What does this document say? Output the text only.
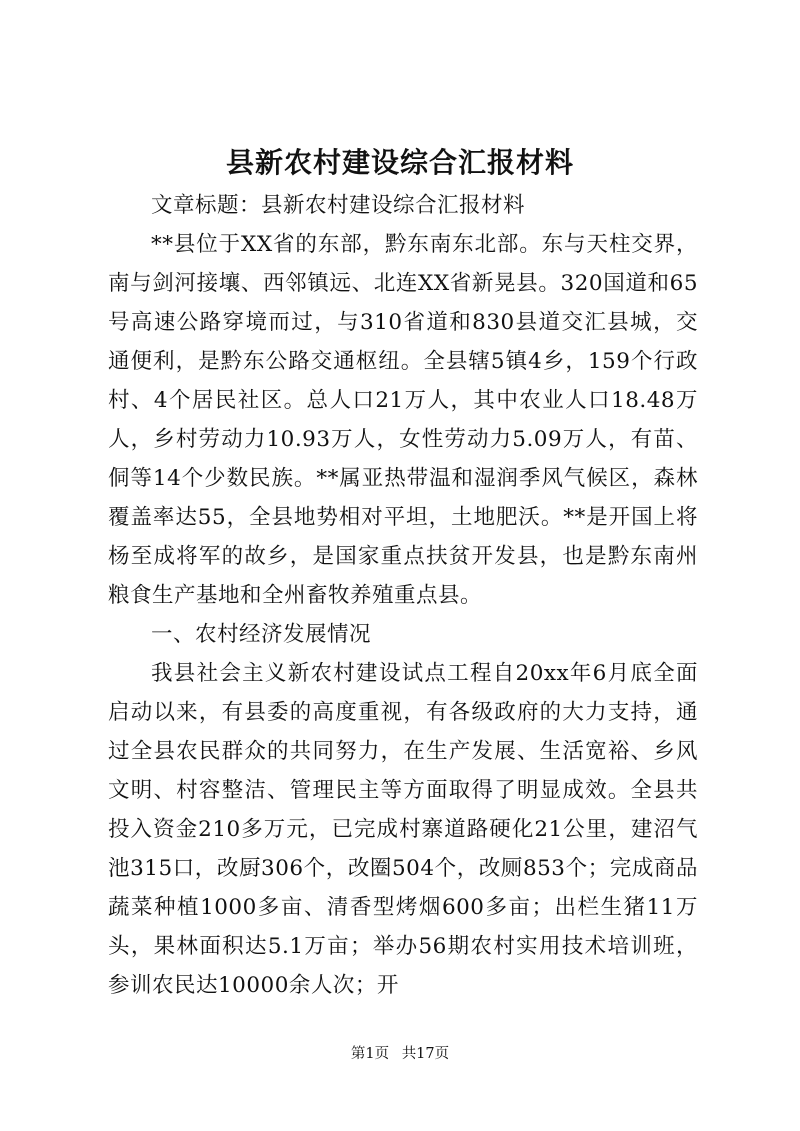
县新农村建设综合汇报材料

文章标题：县新农村建设综合汇报材料

**县位于XX省的东部，黔东南东北部。东与天柱交界，南与剑河接壤、西邻镇远、北连XX省新晃县。320国道和65号高速公路穿境而过，与310省道和830县道交汇县城，交通便利，是黔东公路交通枢纽。全县辖5镇4乡，159个行政村、4个居民社区。总人口21万人，其中农业人口18.48万人，乡村劳动力10.93万人，女性劳动力5.09万人，有苗、侗等14个少数民族。**属亚热带温和湿润季风气候区，森林覆盖率达55，全县地势相对平坦，土地肥沃。**是开国上将杨至成将军的故乡，是国家重点扶贫开发县，也是黔东南州粮食生产基地和全州畜牧养殖重点县。

一、农村经济发展情况

我县社会主义新农村建设试点工程自20xx年6月底全面启动以来，有县委的高度重视，有各级政府的大力支持，通过全县农民群众的共同努力，在生产发展、生活宽裕、乡风文明、村容整洁、管理民主等方面取得了明显成效。全县共投入资金210多万元，已完成村寨道路硬化21公里，建沼气池315口，改厨306个，改圈504个，改厕853个；完成商品蔬菜种植1000多亩、清香型烤烟600多亩；出栏生猪11万头，果林面积达5.1万亩；举办56期农村实用技术培训班，参训农民达10000余人次；开

第1页 共17页
